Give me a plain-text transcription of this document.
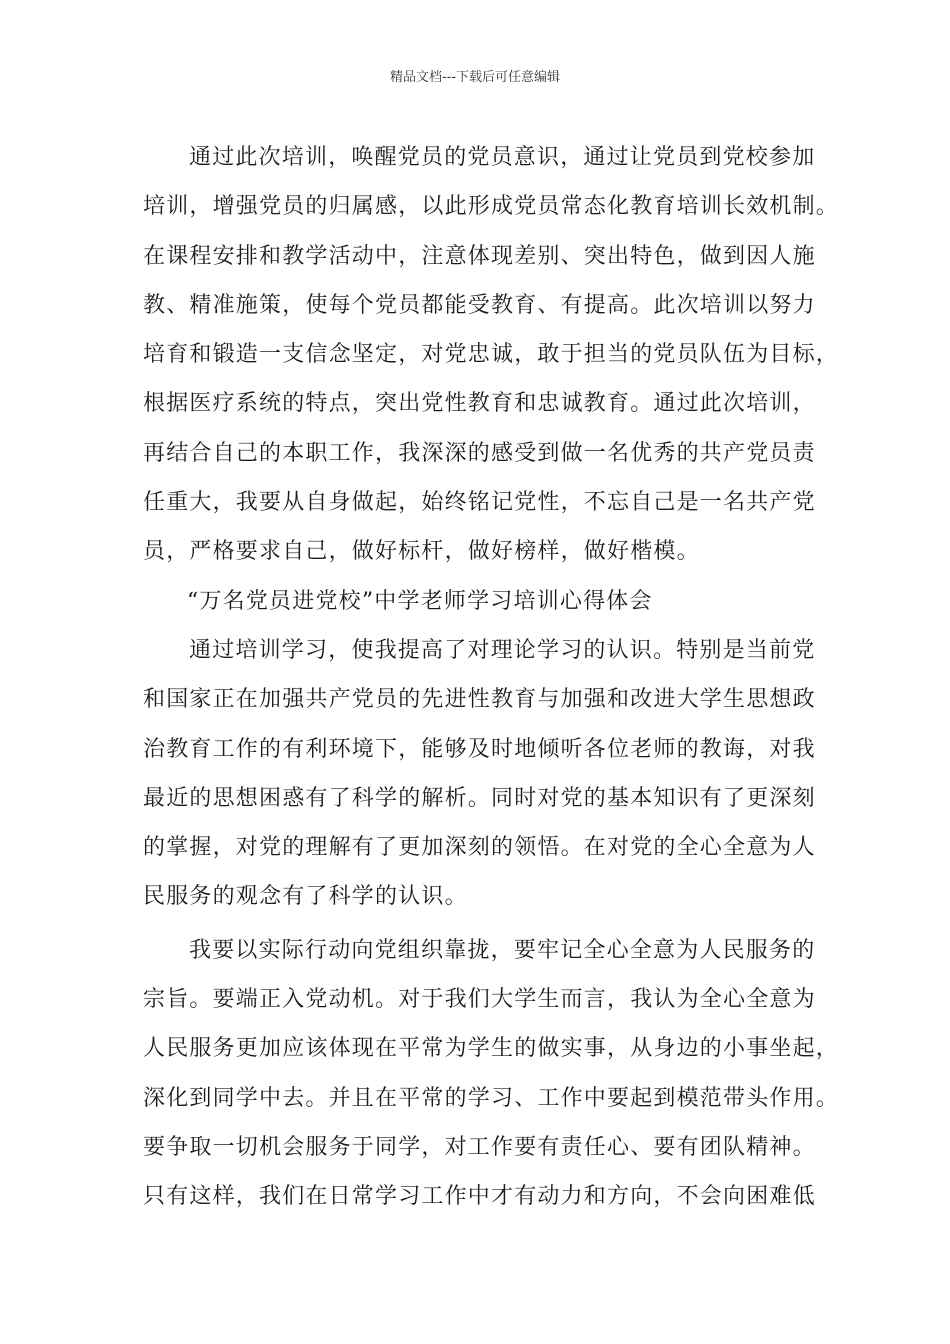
精品文档---下载后可任意编辑
通过此次培训，唤醒党员的党员意识，通过让党员到党校参加
培训，增强党员的归属感，以此形成党员常态化教育培训长效机制。
在课程安排和教学活动中，注意体现差别、突出特色，做到因人施
教、精准施策，使每个党员都能受教育、有提高。此次培训以努力
培育和锻造一支信念坚定，对党忠诚，敢于担当的党员队伍为目标，
根据医疗系统的特点，突出党性教育和忠诚教育。通过此次培训，
再结合自己的本职工作，我深深的感受到做一名优秀的共产党员责
任重大，我要从自身做起，始终铭记党性，不忘自己是一名共产党
员，严格要求自己，做好标杆，做好榜样，做好楷模。
“万名党员进党校”中学老师学习培训心得体会
通过培训学习，使我提高了对理论学习的认识。特别是当前党
和国家正在加强共产党员的先进性教育与加强和改进大学生思想政
治教育工作的有利环境下，能够及时地倾听各位老师的教诲，对我
最近的思想困惑有了科学的解析。同时对党的基本知识有了更深刻
的掌握，对党的理解有了更加深刻的领悟。在对党的全心全意为人
民服务的观念有了科学的认识。
我要以实际行动向党组织靠拢，要牢记全心全意为人民服务的
宗旨。要端正入党动机。对于我们大学生而言，我认为全心全意为
人民服务更加应该体现在平常为学生的做实事，从身边的小事坐起，
深化到同学中去。并且在平常的学习、工作中要起到模范带头作用。
要争取一切机会服务于同学，对工作要有责任心、要有团队精神。
只有这样，我们在日常学习工作中才有动力和方向，不会向困难低
